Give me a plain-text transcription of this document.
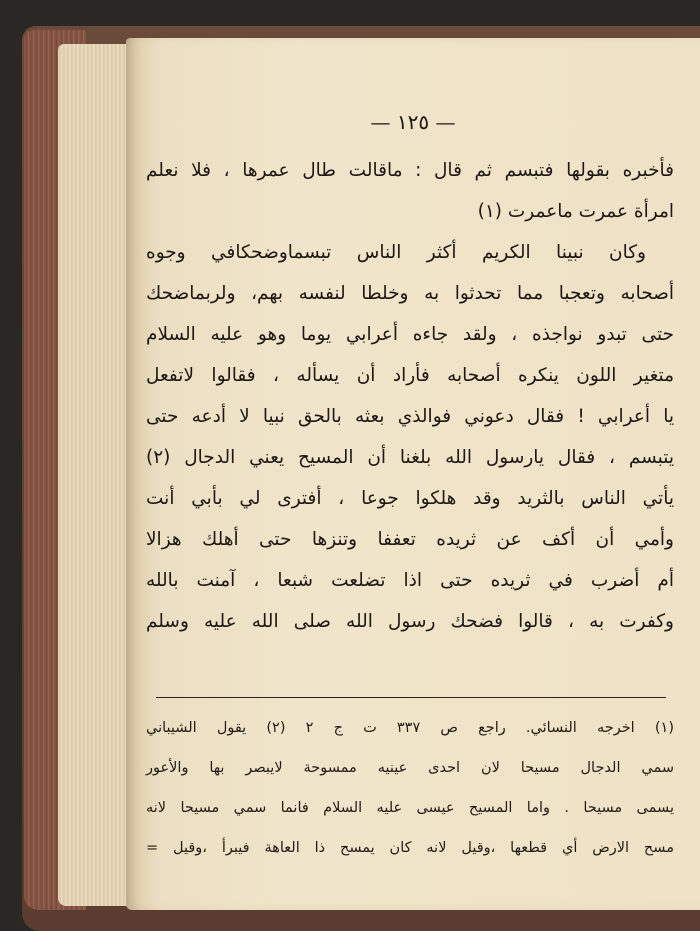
— ١٢٥ —
فأخبره بقولها فتبسم ثم قال : ماقالت طال عمرها ، فلا نعلم
امرأة عمرت ماعمرت (١)
وكان نبينا الكريم أكثر الناس تبسماوضحكافي وجوه
أصحابه وتعجبا مما تحدثوا به وخلطا لنفسه بهم، ولربماضحك
حتى تبدو نواجذه ، ولقد جاءه أعرابي يوما وهو عليه السلام
متغير اللون ينكره أصحابه فأراد أن يسأله ، فقالوا لاتفعل
يا أعرابي ! فقال دعوني فوالذي بعثه بالحق نبيا لا أدعه حتى
يتبسم ، فقال يارسول الله بلغنا أن المسيح يعني الدجال (٢)
يأتي الناس بالثريد وقد هلكوا جوعا ، أفترى لي بأبي أنت
وأمي أن أكف عن ثريده تعففا وتنزها حتى أهلك هزالا
أم أضرب في ثريده حتى اذا تضلعت شبعا ، آمنت بالله
وكفرت به ، قالوا فضحك رسول الله صلى الله عليه وسلم
(١) اخرجه النسائي. راجع ص ٣٣٧ ت ج ٢ (٢) يقول الشيباني
سمي الدجال مسيحا لان احدى عينيه ممسوحة لايبصر بها والأعور
يسمى مسيحا . واما المسيح عيسى عليه السلام فانما سمي مسيحا لانه
مسح الارض أي قطعها ،وقيل لانه كان يمسح ذا العاهة فيبرأ ،وقيل =
